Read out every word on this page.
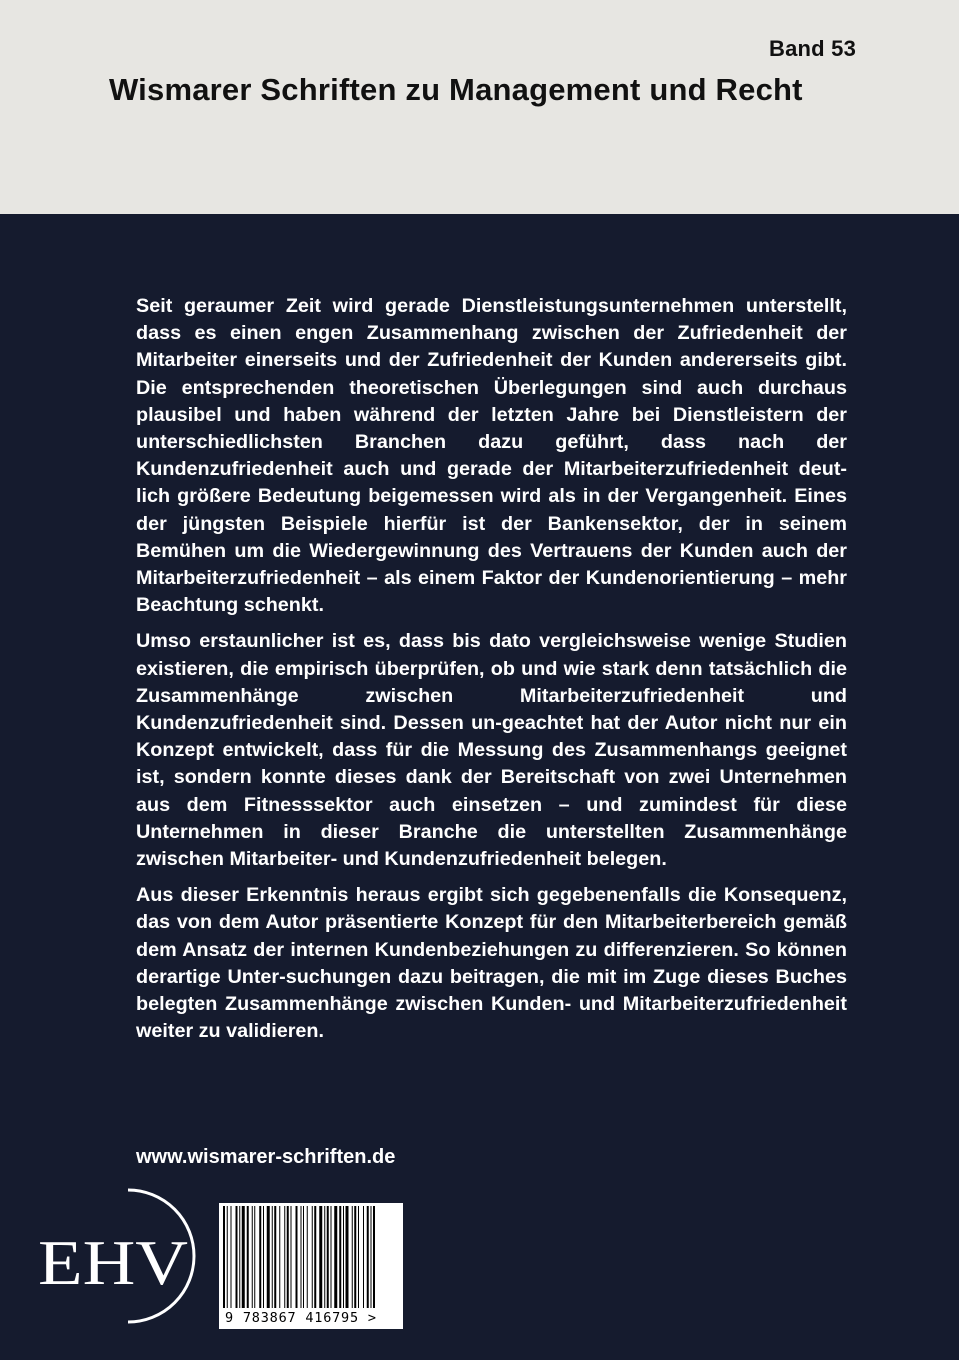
Band 53
Wismarer Schriften zu Management und Recht

Seit geraumer Zeit wird gerade Dienstleistungsunternehmen unterstellt, dass es einen engen Zusammenhang zwischen der Zufriedenheit der Mitarbeiter einerseits und der Zufriedenheit der Kunden andererseits gibt. Die entsprechenden theoretischen Überlegungen sind auch durchaus plausibel und haben während der letzten Jahre bei Dienstleistern der unterschiedlichsten Branchen dazu geführt, dass nach der Kundenzufriedenheit auch und gerade der Mitarbeiterzufriedenheit deut-lich größere Bedeutung beigemessen wird als in der Vergangenheit. Eines der jüngsten Beispiele hierfür ist der Bankensektor, der in seinem Bemühen um die Wiedergewinnung des Vertrauens der Kunden auch der Mitarbeiterzufriedenheit – als einem Faktor der Kundenorientierung – mehr Beachtung schenkt.

Umso erstaunlicher ist es, dass bis dato vergleichsweise wenige Studien existieren, die empirisch überprüfen, ob und wie stark denn tatsächlich die Zusammenhänge zwischen Mitarbeiterzufriedenheit und Kundenzufriedenheit sind. Dessen un-geachtet hat der Autor nicht nur ein Konzept entwickelt, dass für die Messung des Zusammenhangs geeignet ist, sondern konnte dieses dank der Bereitschaft von zwei Unternehmen aus dem Fitnesssektor auch einsetzen – und zumindest für diese Unternehmen in dieser Branche die unterstellten Zusammenhänge zwischen Mitarbeiter- und Kundenzufriedenheit belegen.

Aus dieser Erkenntnis heraus ergibt sich gegebenenfalls die Konsequenz, das von dem Autor präsentierte Konzept für den Mitarbeiterbereich gemäß dem Ansatz der internen Kundenbeziehungen zu differenzieren. So können derartige Unter-suchungen dazu beitragen, die mit im Zuge dieses Buches belegten Zusammenhänge zwischen Kunden- und Mitarbeiterzufriedenheit weiter zu validieren.

www.wismarer-schriften.de
EHV
9 783867 416795 >
